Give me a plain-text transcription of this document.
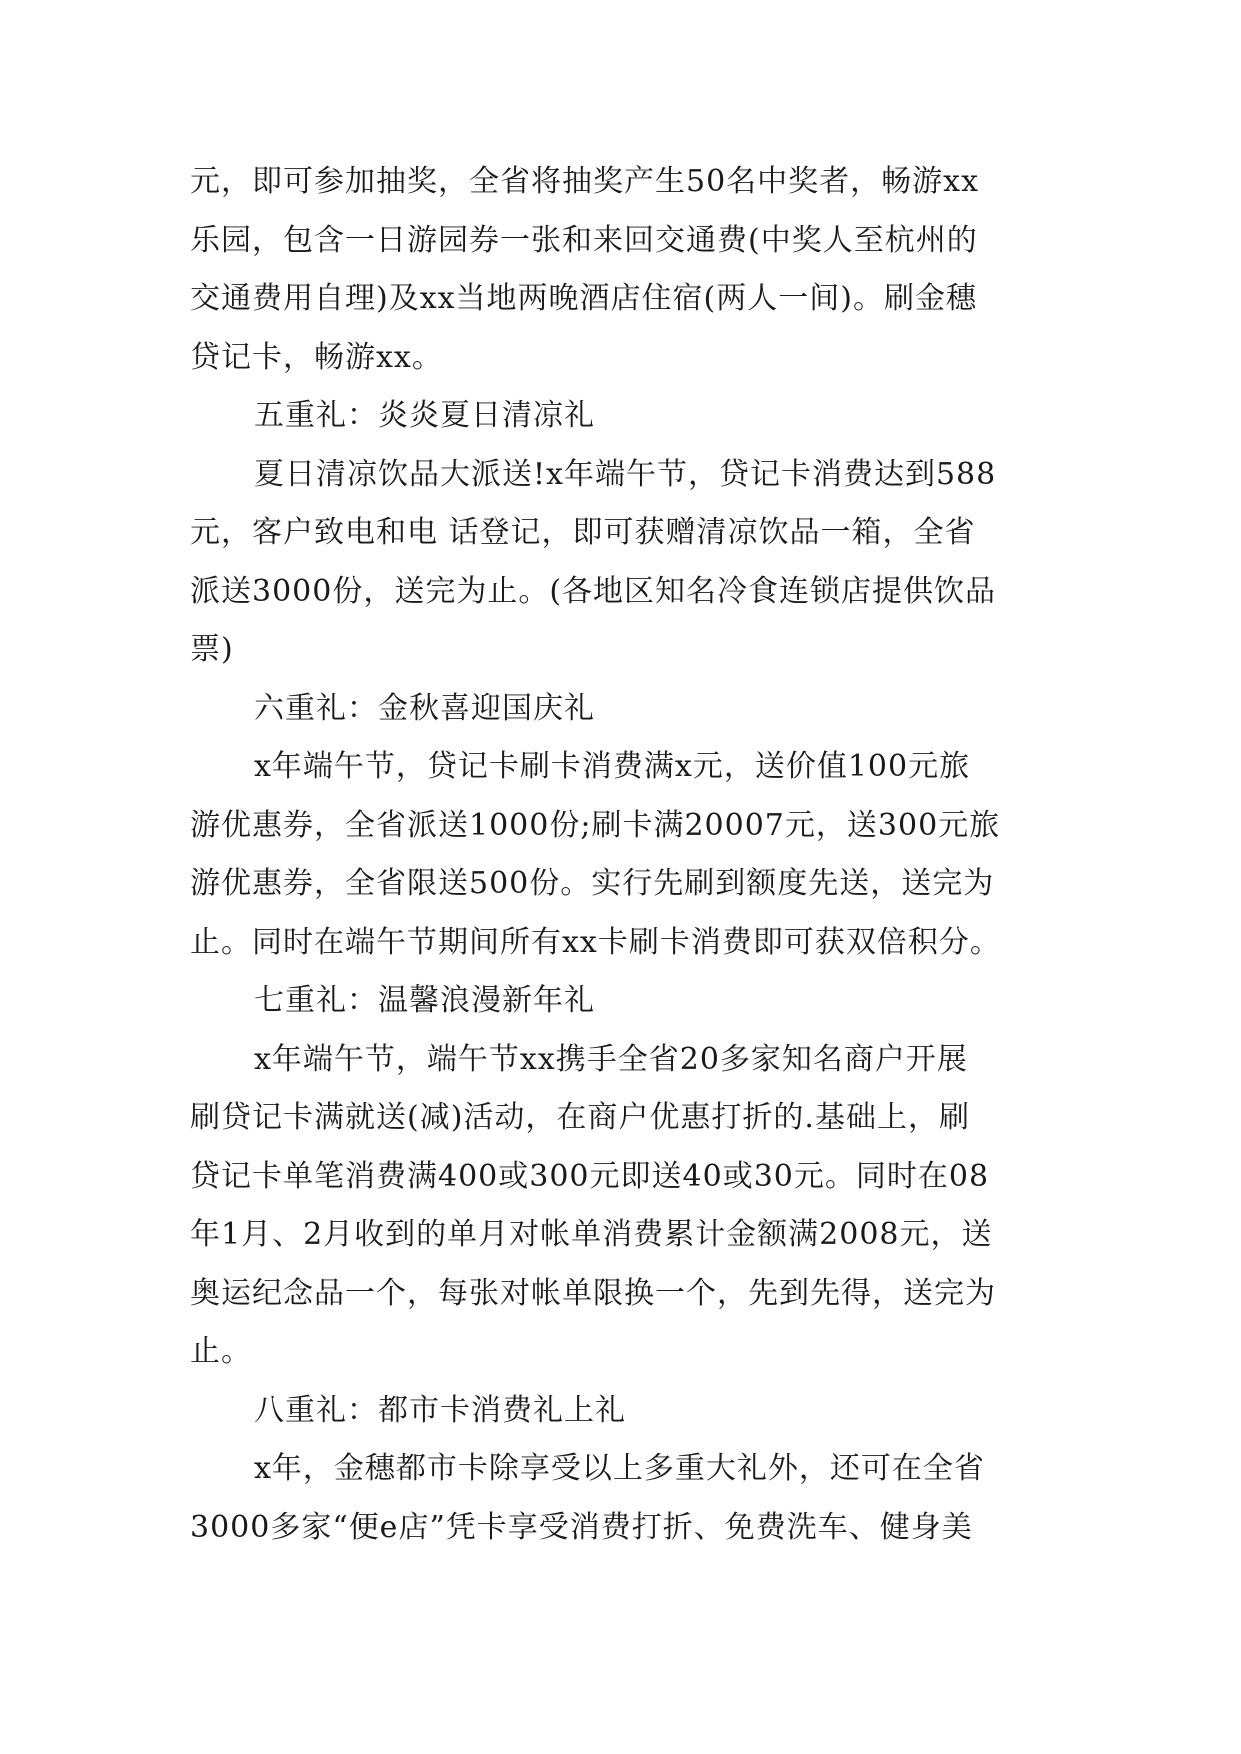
元，即可参加抽奖，全省将抽奖产生50名中奖者，畅游xx
乐园，包含一日游园券一张和来回交通费(中奖人至杭州的
交通费用自理)及xx当地两晚酒店住宿(两人一间)。刷金穗
贷记卡，畅游xx。
五重礼：炎炎夏日清凉礼
夏日清凉饮品大派送!x年端午节，贷记卡消费达到588
元，客户致电和电 话登记，即可获赠清凉饮品一箱，全省
派送3000份，送完为止。(各地区知名冷食连锁店提供饮品
票)
六重礼：金秋喜迎国庆礼
x年端午节，贷记卡刷卡消费满x元，送价值100元旅
游优惠券，全省派送1000份;刷卡满20007元，送300元旅
游优惠券，全省限送500份。实行先刷到额度先送，送完为
止。同时在端午节期间所有xx卡刷卡消费即可获双倍积分。
七重礼：温馨浪漫新年礼
x年端午节，端午节xx携手全省20多家知名商户开展
刷贷记卡满就送(减)活动，在商户优惠打折的.基础上，刷
贷记卡单笔消费满400或300元即送40或30元。同时在08
年1月、2月收到的单月对帐单消费累计金额满2008元，送
奥运纪念品一个，每张对帐单限换一个，先到先得，送完为
止。
八重礼：都市卡消费礼上礼
x年，金穗都市卡除享受以上多重大礼外，还可在全省
3000多家“便e店”凭卡享受消费打折、免费洗车、健身美
